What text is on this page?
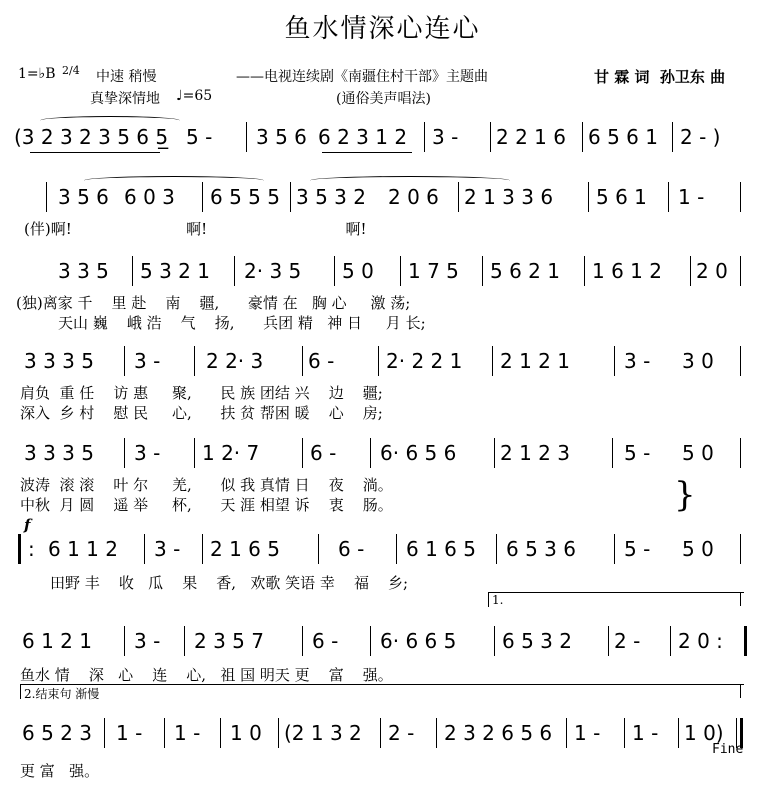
鱼水情深心连心
1=♭B 2/4 中速 稍慢
真挚深情地 ♩=65
——电视连续剧《南疆住村干部》主题曲
(通俗美声唱法)
甘 霖 词  孙卫东 曲
(3 2 3 2 3 5 6 5̲ 5 - 3 5 6 6 2 3 1 2 3 - 2 2 1 6 6 5 6 1 2 - )
3 5 6 6 0 3 6 5 5 5 3 5 3 2 2 0 6 2 1 3 3 6 5 6 1 1 -
(伴)啊!                        啊!                             啊!
3 3 5 5 3 2 1 2· 3 5 5 0 1 7 5 5 6 2 1 1 6 1 2 2 0
(独)离家 千    里 赴    南    疆,      豪情 在   胸 心     激 荡;
天山 巍    峨 浩    气    扬,      兵团 精   神 日     月 长;
3 3 3 5 3 - 2 2· 3 6 -	2· 2 2 1 2 1 2 1	3 - 3 0
肩负  重 任    访 惠     聚,      民 族 团结 兴    边    疆;
深入  乡 村    慰 民     心,      扶 贫 帮困 暖    心    房;
3 3 3 5 3 - 1 2· 7	6 - 6· 6 5 6 2 1 2 3	5 - 5 0
波涛  滚 滚    叶 尔     羌,      似 我 真情 日    夜    淌。
中秋  月 圆    遥 举     杯,      天 涯 相望 诉    衷    肠。	}
f
: 6 1 1 2 3 - 2 1 6 5	6 - 6 1 6 5 6 5 3 6 5 - 5 0
田野 丰    收   瓜    果    香,   欢歌 笑语 幸    福    乡;
1.
6 1 2 1 3 - 2 3 5 7 6 - 6· 6 6 5 6 5 3 2 2 - 2 0 :
鱼水 情    深   心    连    心,   祖 国 明天 更    富    强。
2.结束句 渐慢
6 5 2 3 1 - 1 - 1 0 (2 1 3 2 2 - 2 3 2 6 5 6 1 - 1 - 1 0)
Fine
更 富   强。
